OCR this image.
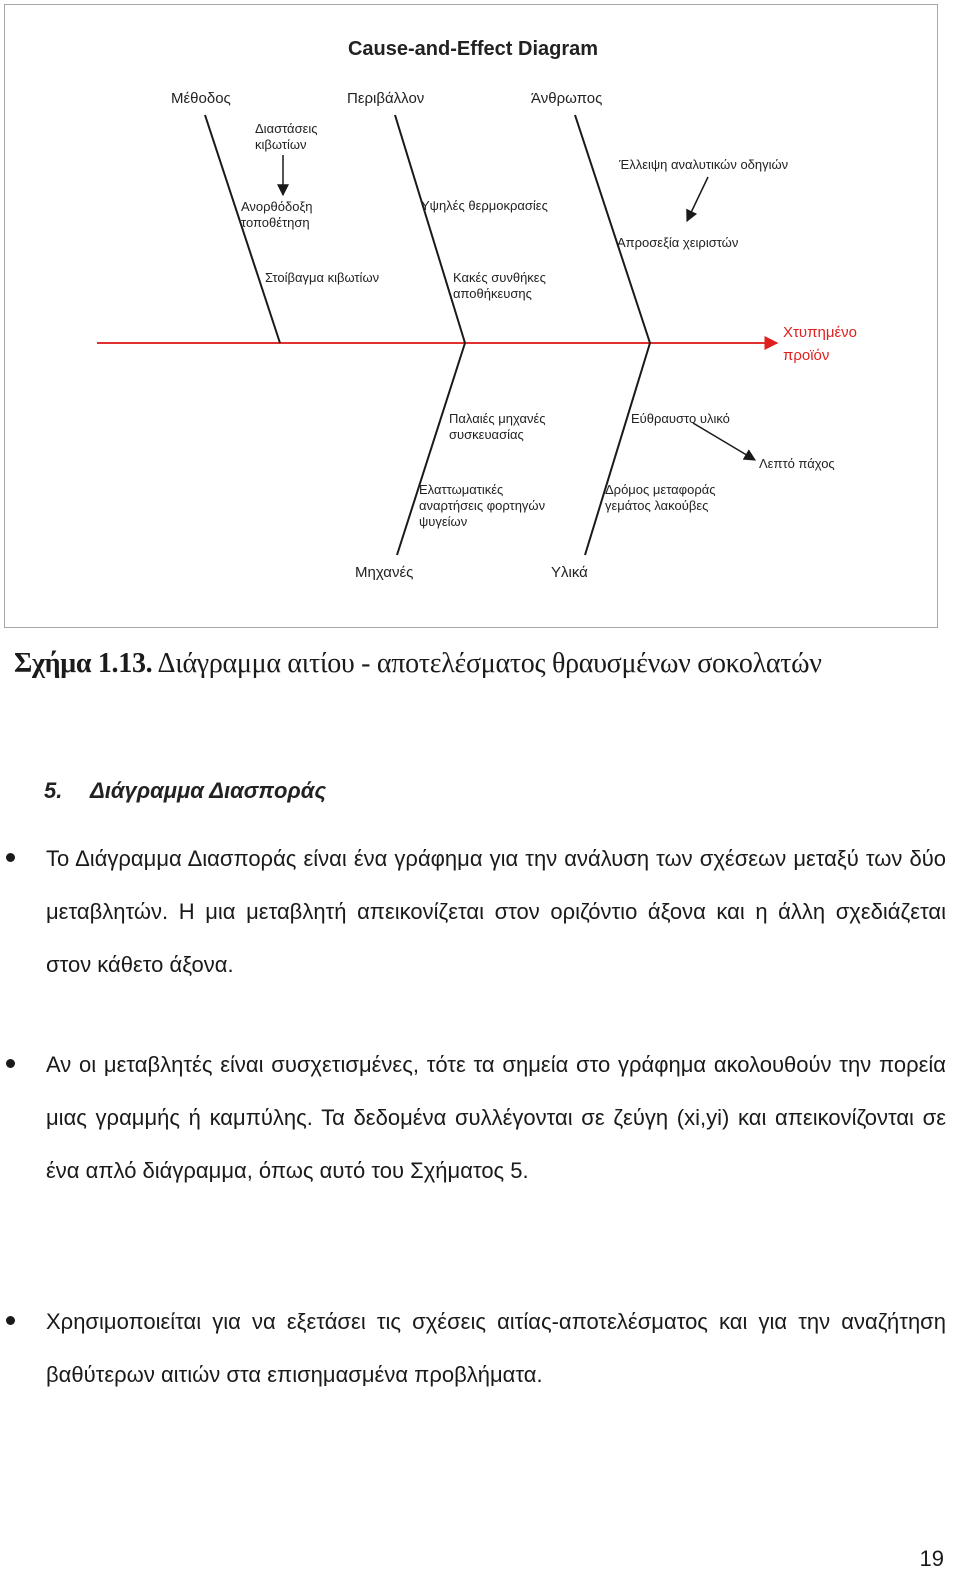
Cause-and-Effect Diagram
Μέθοδος	Περιβάλλον	Άνθρωπος
Μηχανές	Υλικά
Χτυπημένο
προϊόν
Διαστάσεις
κιβωτίων
Ανορθόδοξη
τοποθέτηση
Στοίβαγμα κιβωτίων
Υψηλές θερμοκρασίες
Κακές συνθήκες
αποθήκευσης
Έλλειψη αναλυτικών οδηγιών
Απροσεξία χειριστών
Παλαιές μηχανές
συσκευασίας
Ελαττωματικές
αναρτήσεις φορτηγών
ψυγείων
Εύθραυστο υλικό
Λεπτό πάχος
Δρόμος μεταφοράς
γεμάτος λακούβες

Σχήμα 1.13. Διάγραμμα αιτίου - αποτελέσματος θραυσμένων σοκολατών

5. Διάγραμμα Διασποράς

Το Διάγραμμα Διασποράς είναι ένα γράφημα για την ανάλυση των σχέσεων μεταξύ των δύο μεταβλητών. Η μια μεταβλητή απεικονίζεται στον οριζόντιο άξονα και η άλλη σχεδιάζεται στον κάθετο άξονα.

Αν οι μεταβλητές είναι συσχετισμένες, τότε τα σημεία στο γράφημα ακολουθούν την πορεία μιας γραμμής ή καμπύλης. Τα δεδομένα συλλέγονται σε ζεύγη (xi,yi) και απεικονίζονται σε ένα απλό διάγραμμα, όπως αυτό του Σχήματος 5.

Χρησιμοποιείται για να εξετάσει τις σχέσεις αιτίας-αποτελέσματος και για την αναζήτηση βαθύτερων αιτιών στα επισημασμένα προβλήματα.

19
